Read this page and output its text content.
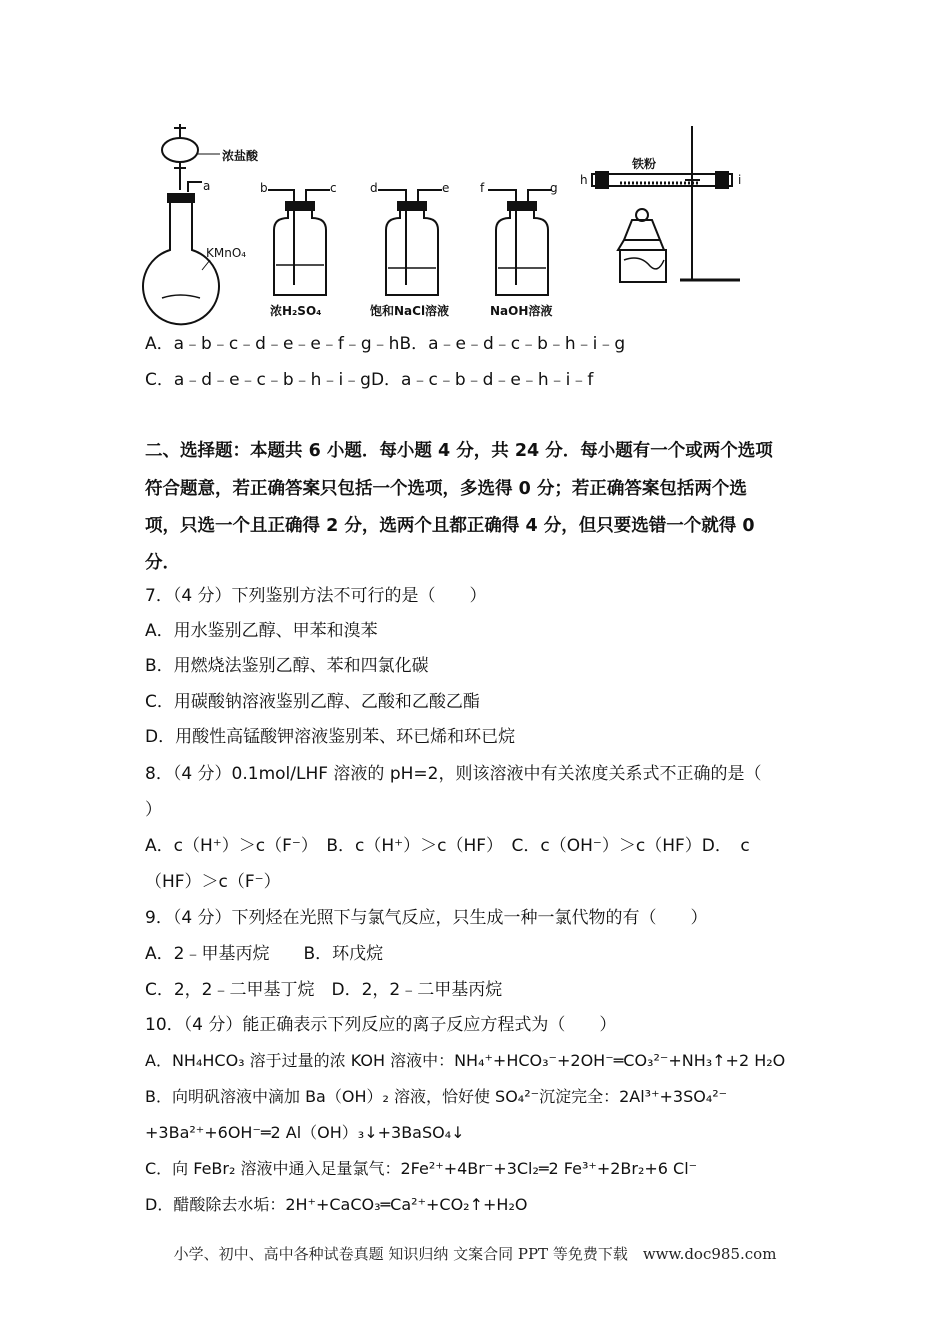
浓盐酸
a
KMnO₄
b	c
浓H₂SO₄
d	e
饱和NaCl溶液
f	g
NaOH溶液
h	i
铁粉
A．a﹣b﹣c﹣d﹣e﹣e﹣f﹣g﹣hB．a﹣e﹣d﹣c﹣b﹣h﹣i﹣g
C．a﹣d﹣e﹣c﹣b﹣h﹣i﹣gD．a﹣c﹣b﹣d﹣e﹣h﹣i﹣f
二、选择题：本题共 6 小题．每小题 4 分，共 24 分．每小题有一个或两个选项
符合题意，若正确答案只包括一个选项，多选得 0 分；若正确答案包括两个选
项，只选一个且正确得 2 分，选两个且都正确得 4 分，但只要选错一个就得 0
分．
7．（4 分）下列鉴别方法不可行的是（　　）
A．用水鉴别乙醇、甲苯和溴苯
B．用燃烧法鉴别乙醇、苯和四氯化碳
C．用碳酸钠溶液鉴别乙醇、乙酸和乙酸乙酯
D．用酸性高锰酸钾溶液鉴别苯、环已烯和环已烷
8．（4 分）0.1mol/LHF 溶液的 pH=2，则该溶液中有关浓度关系式不正确的是（
）
A．c（H⁺）＞c（F⁻）　B．c（H⁺）＞c（HF）　C．c（OH⁻）＞c（HF）D．　c
（HF）＞c（F⁻）
9．（4 分）下列烃在光照下与氯气反应，只生成一种一氯代物的有（　　）
A．2﹣甲基丙烷　　B．环戊烷
C．2，2﹣二甲基丁烷　D．2，2﹣二甲基丙烷
10．（4 分）能正确表示下列反应的离子反应方程式为（　　）
A．NH₄HCO₃ 溶于过量的浓 KOH 溶液中：NH₄⁺+HCO₃⁻+2OH⁻═CO₃²⁻+NH₃↑+2 H₂O
B．向明矾溶液中滴加 Ba（OH）₂ 溶液，恰好使 SO₄²⁻沉淀完全：2Al³⁺+3SO₄²⁻
+3Ba²⁺+6OH⁻═2 Al（OH）₃↓+3BaSO₄↓
C．向 FeBr₂ 溶液中通入足量氯气：2Fe²⁺+4Br⁻+3Cl₂═2 Fe³⁺+2Br₂+6 Cl⁻
D．醋酸除去水垢：2H⁺+CaCO₃═Ca²⁺+CO₂↑+H₂O
小学、初中、高中各种试卷真题 知识归纳 文案合同 PPT 等免费下载　www.doc985.com
